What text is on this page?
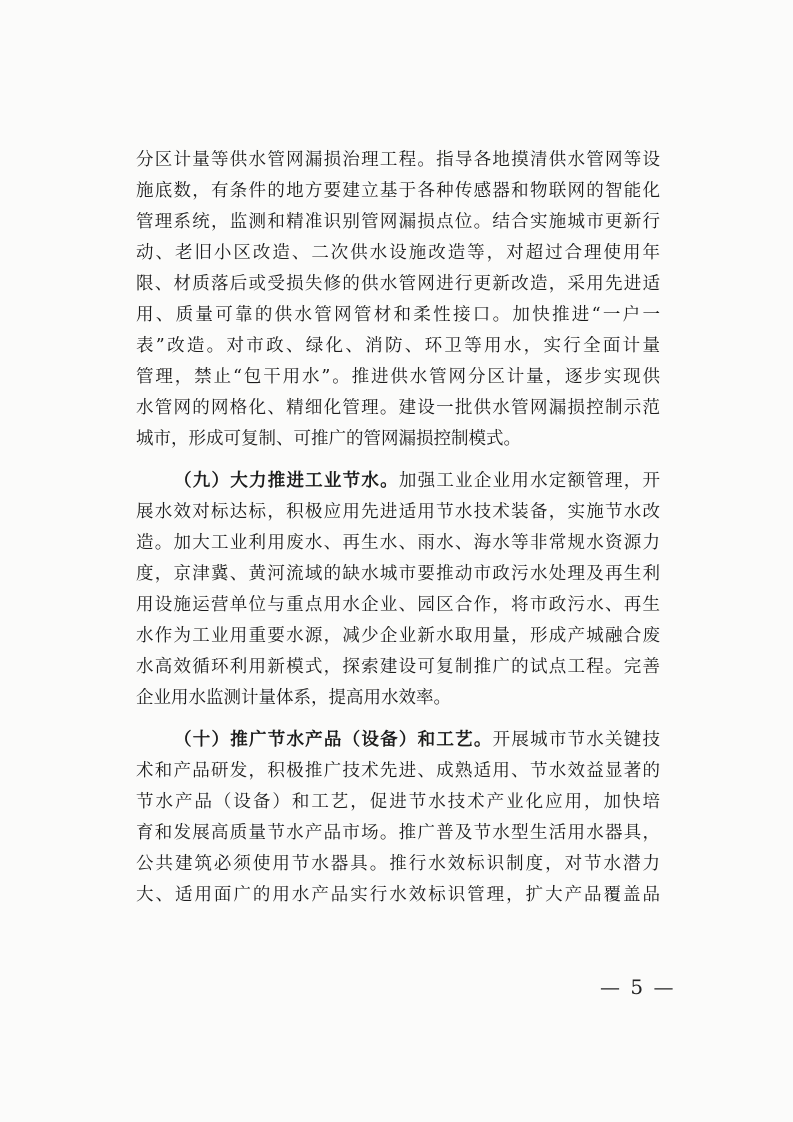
分区计量等供水管网漏损治理工程。指导各地摸清供水管网等设
施底数，有条件的地方要建立基于各种传感器和物联网的智能化
管理系统，监测和精准识别管网漏损点位。结合实施城市更新行
动、老旧小区改造、二次供水设施改造等，对超过合理使用年
限、材质落后或受损失修的供水管网进行更新改造，采用先进适
用、质量可靠的供水管网管材和柔性接口。加快推进“一户一
表”改造。对市政、绿化、消防、环卫等用水，实行全面计量
管理，禁止“包干用水”。推进供水管网分区计量，逐步实现供
水管网的网格化、精细化管理。建设一批供水管网漏损控制示范
城市，形成可复制、可推广的管网漏损控制模式。
（九）大力推进工业节水。加强工业企业用水定额管理，开
展水效对标达标，积极应用先进适用节水技术装备，实施节水改
造。加大工业利用废水、再生水、雨水、海水等非常规水资源力
度，京津冀、黄河流域的缺水城市要推动市政污水处理及再生利
用设施运营单位与重点用水企业、园区合作，将市政污水、再生
水作为工业用重要水源，减少企业新水取用量，形成产城融合废
水高效循环利用新模式，探索建设可复制推广的试点工程。完善
企业用水监测计量体系，提高用水效率。
（十）推广节水产品（设备）和工艺。开展城市节水关键技
术和产品研发，积极推广技术先进、成熟适用、节水效益显著的
节水产品（设备）和工艺，促进节水技术产业化应用，加快培
育和发展高质量节水产品市场。推广普及节水型生活用水器具，
公共建筑必须使用节水器具。推行水效标识制度，对节水潜力
大、适用面广的用水产品实行水效标识管理，扩大产品覆盖品
— 5 —
